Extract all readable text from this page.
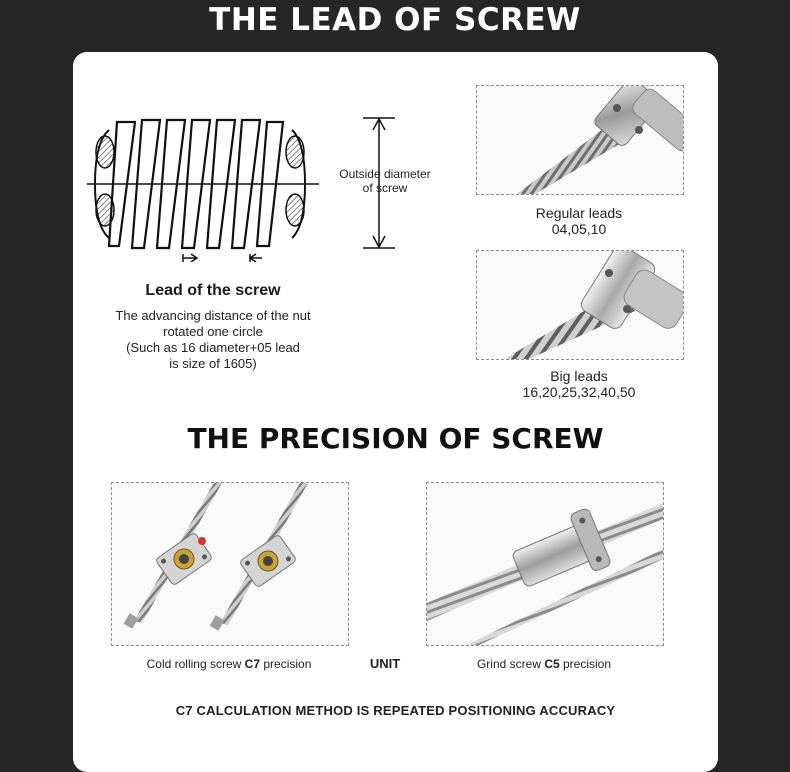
THE LEAD OF SCREW
Outside diameter
of screw
Lead of the screw
The advancing distance of the nut
rotated one circle
(Such as 16 diameter+05 lead
is size of 1605)
Regular leads
04,05,10
Big leads
16,20,25,32,40,50
THE PRECISION OF SCREW
Cold rolling screw C7 precision	UNIT	Grind screw C5 precision
C7 CALCULATION METHOD IS REPEATED POSITIONING ACCURACY
